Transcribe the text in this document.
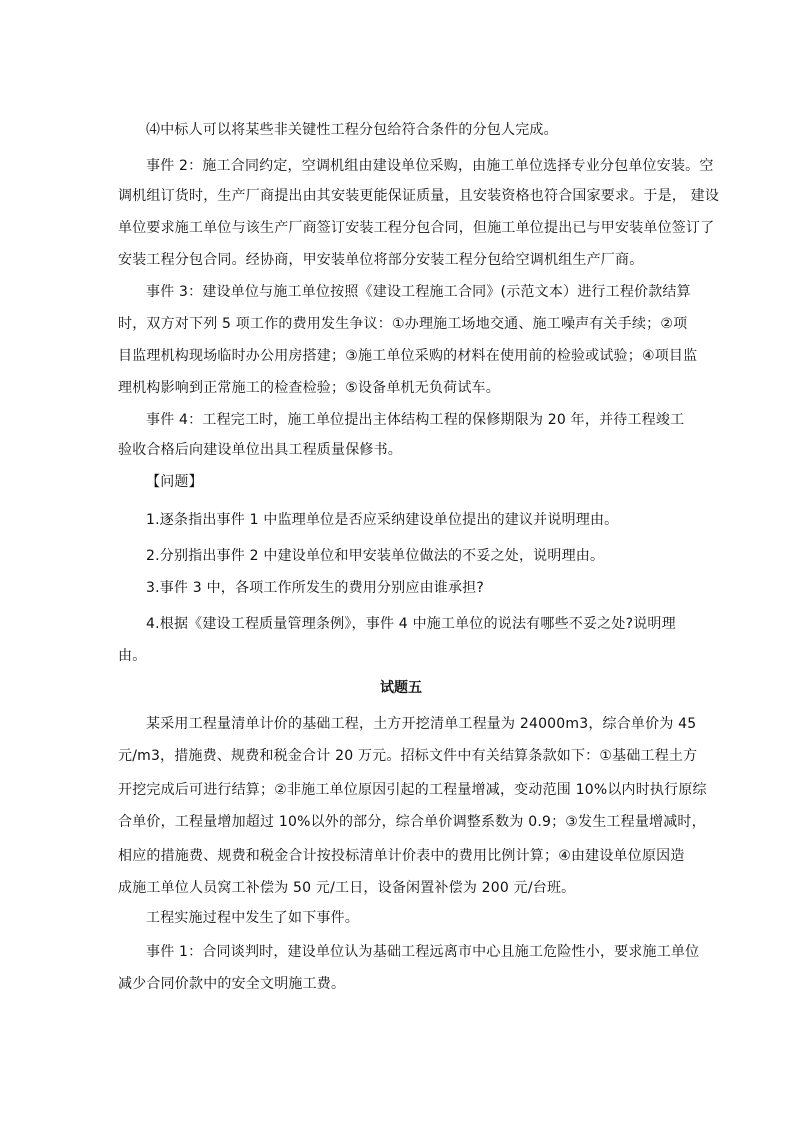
⑷中标人可以将某些非关键性工程分包给符合条件的分包人完成。
事件 2：施工合同约定，空调机组由建设单位采购，由施工单位选择专业分包单位安装。空
调机组订货时，生产厂商提出由其安装更能保证质量，且安装资格也符合国家要求。于是， 建设
单位要求施工单位与该生产厂商签订安装工程分包合同，但施工单位提出已与甲安装单位签订了
安装工程分包合同。经协商，甲安装单位将部分安装工程分包给空调机组生产厂商。
事件 3：建设单位与施工单位按照《建设工程施工合同》(示范文本）进行工程价款结算
时，双方对下列 5 项工作的费用发生争议：①办理施工场地交通、施工噪声有关手续；②项
目监理机构现场临时办公用房搭建；③施工单位采购的材料在使用前的检验或试验；④项目监
理机构影响到正常施工的检查检验；⑤设备单机无负荷试车。
事件 4：工程完工时，施工单位提出主体结构工程的保修期限为 20 年，并待工程竣工
验收合格后向建设单位出具工程质量保修书。
【问题】
1.逐条指出事件 1 中监理单位是否应采纳建设单位提出的建议并说明理由。
2.分别指出事件 2 中建设单位和甲安装单位做法的不妥之处，说明理由。
3.事件 3 中，各项工作所发生的费用分别应由谁承担?
4.根据《建设工程质量管理条例》，事件 4 中施工单位的说法有哪些不妥之处?说明理
由。
试题五
某采用工程量清单计价的基础工程，土方开挖清单工程量为 24000m3，综合单价为 45
元/m3，措施费、规费和税金合计 20 万元。招标文件中有关结算条款如下：①基础工程土方
开挖完成后可进行结算；②非施工单位原因引起的工程量增减，变动范围 10%以内时执行原综
合单价，工程量增加超过 10%以外的部分，综合单价调整系数为 0.9；③发生工程量增减时，
相应的措施费、规费和税金合计按投标清单计价表中的费用比例计算；④由建设单位原因造
成施工单位人员窝工补偿为 50 元/工日，设备闲置补偿为 200 元/台班。
工程实施过程中发生了如下事件。
事件 1：合同谈判时，建设单位认为基础工程远离市中心且施工危险性小，要求施工单位
减少合同价款中的安全文明施工费。
